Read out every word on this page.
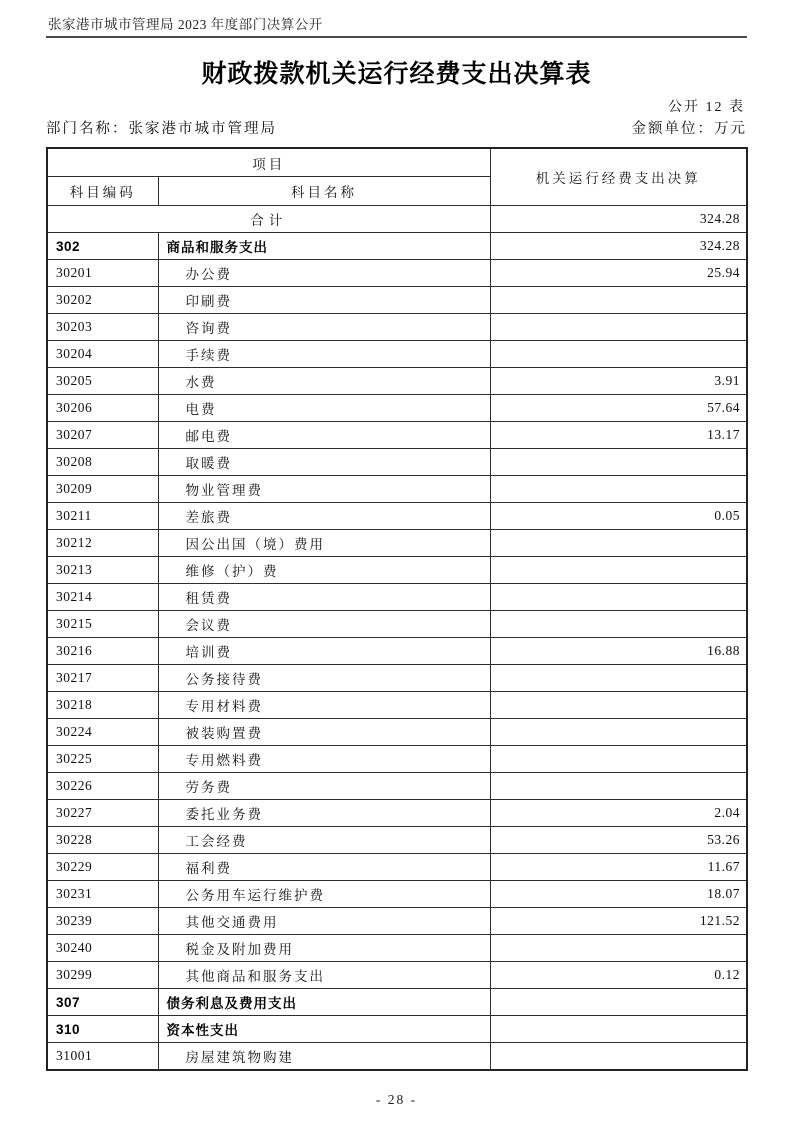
张家港市城市管理局 2023 年度部门决算公开
财政拨款机关运行经费支出决算表
公开 12 表
部门名称：张家港市城市管理局	金额单位：万元
项目		机关运行经费支出决算
科目编码	科目名称	
合计		324.28
302	商品和服务支出	324.28
30201	办公费	25.94
30202	印刷费	
30203	咨询费	
30204	手续费	
30205	水费	3.91
30206	电费	57.64
30207	邮电费	13.17
30208	取暖费	
30209	物业管理费	
30211	差旅费	0.05
30212	因公出国（境）费用	
30213	维修（护）费	
30214	租赁费	
30215	会议费	
30216	培训费	16.88
30217	公务接待费	
30218	专用材料费	
30224	被装购置费	
30225	专用燃料费	
30226	劳务费	
30227	委托业务费	2.04
30228	工会经费	53.26
30229	福利费	11.67
30231	公务用车运行维护费	18.07
30239	其他交通费用	121.52
30240	税金及附加费用	
30299	其他商品和服务支出	0.12
307	债务利息及费用支出	
310	资本性支出	
31001	房屋建筑物购建	
- 28 -
